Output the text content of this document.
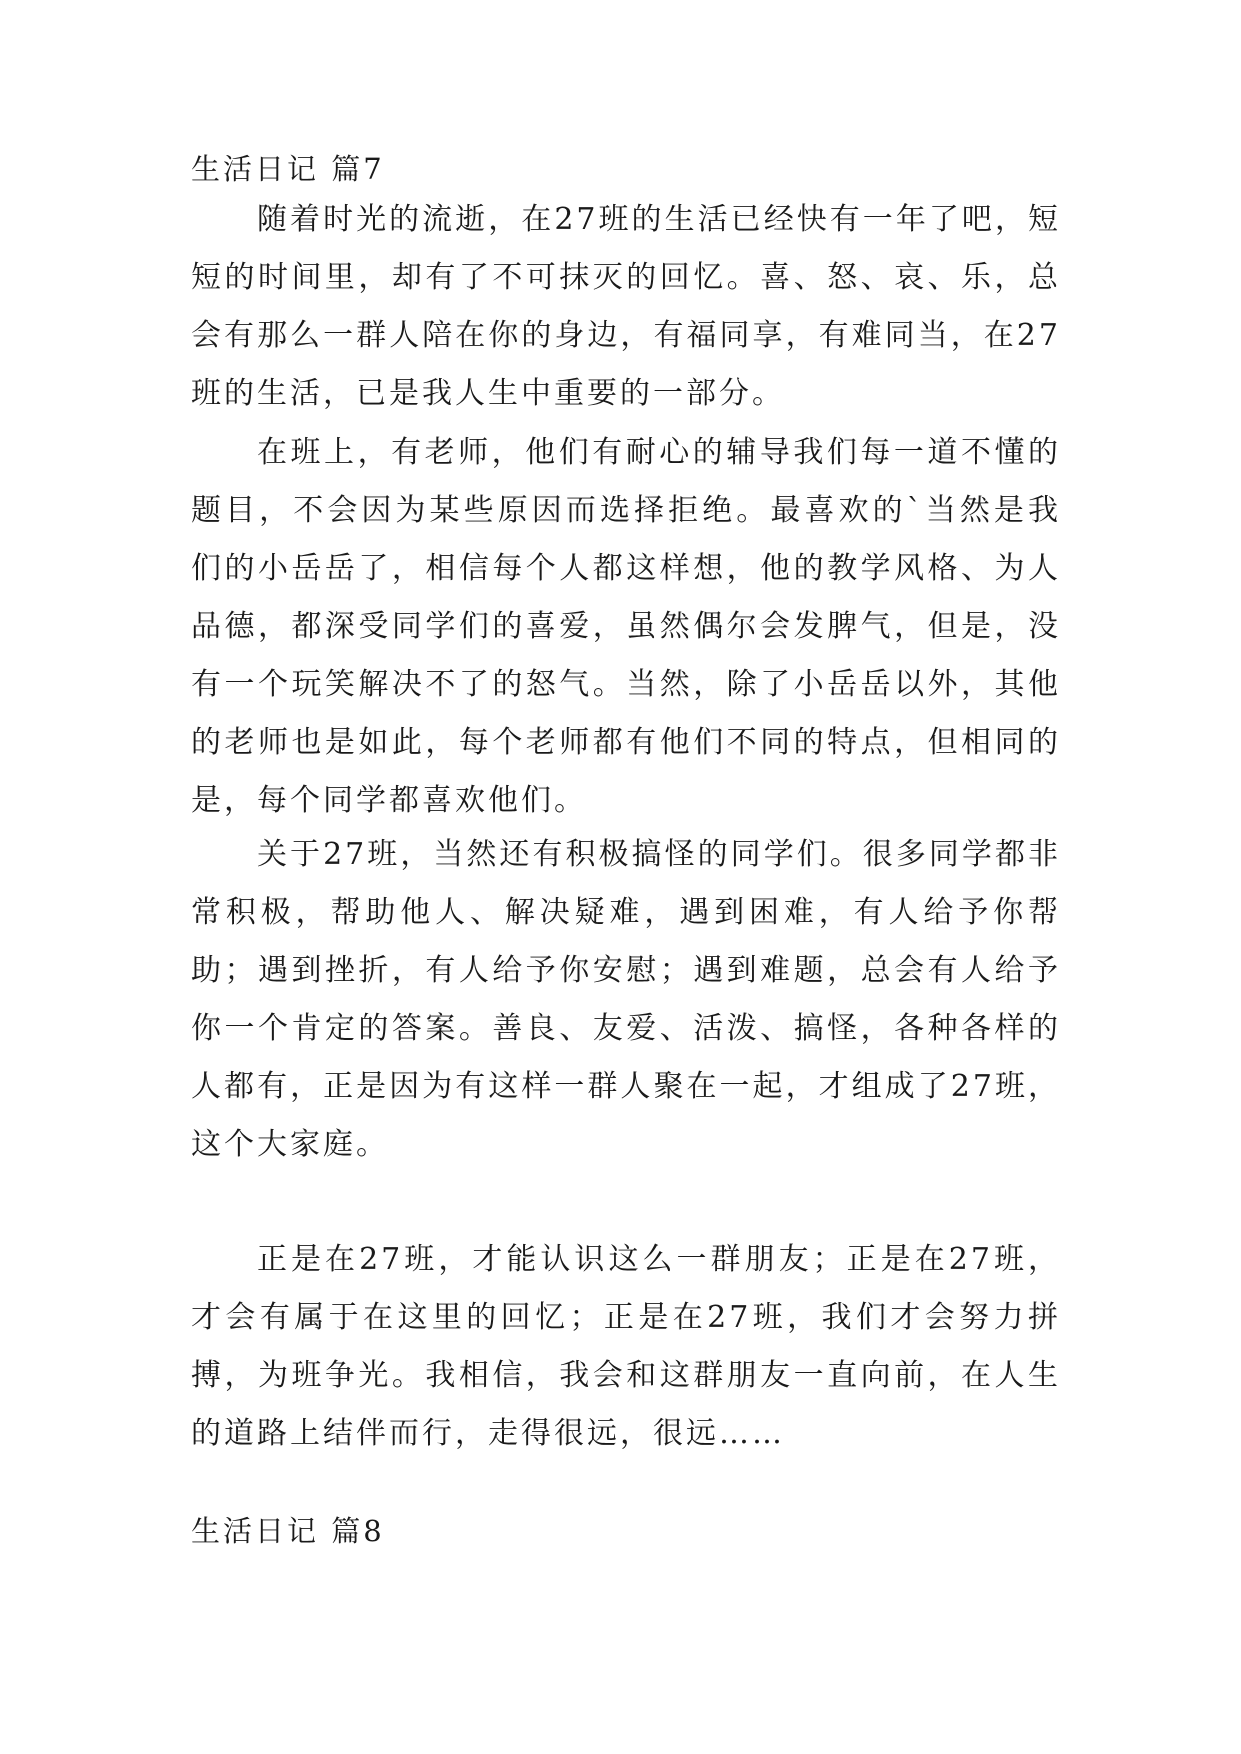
生活日记 篇7

随着时光的流逝，在27班的生活已经快有一年了吧，短短的时间里，却有了不可抹灭的回忆。喜、怒、哀、乐，总会有那么一群人陪在你的身边，有福同享，有难同当，在27班的生活，已是我人生中重要的一部分。

在班上，有老师，他们有耐心的辅导我们每一道不懂的题目，不会因为某些原因而选择拒绝。最喜欢的`当然是我们的小岳岳了，相信每个人都这样想，他的教学风格、为人品德，都深受同学们的喜爱，虽然偶尔会发脾气，但是，没有一个玩笑解决不了的怒气。当然，除了小岳岳以外，其他的老师也是如此，每个老师都有他们不同的特点，但相同的是，每个同学都喜欢他们。

关于27班，当然还有积极搞怪的同学们。很多同学都非常积极，帮助他人、解决疑难，遇到困难，有人给予你帮助；遇到挫折，有人给予你安慰；遇到难题，总会有人给予你一个肯定的答案。善良、友爱、活泼、搞怪，各种各样的人都有，正是因为有这样一群人聚在一起，才组成了27班，这个大家庭。

正是在27班，才能认识这么一群朋友；正是在27班，才会有属于在这里的回忆；正是在27班，我们才会努力拼搏，为班争光。我相信，我会和这群朋友一直向前，在人生的道路上结伴而行，走得很远，很远……

生活日记 篇8
